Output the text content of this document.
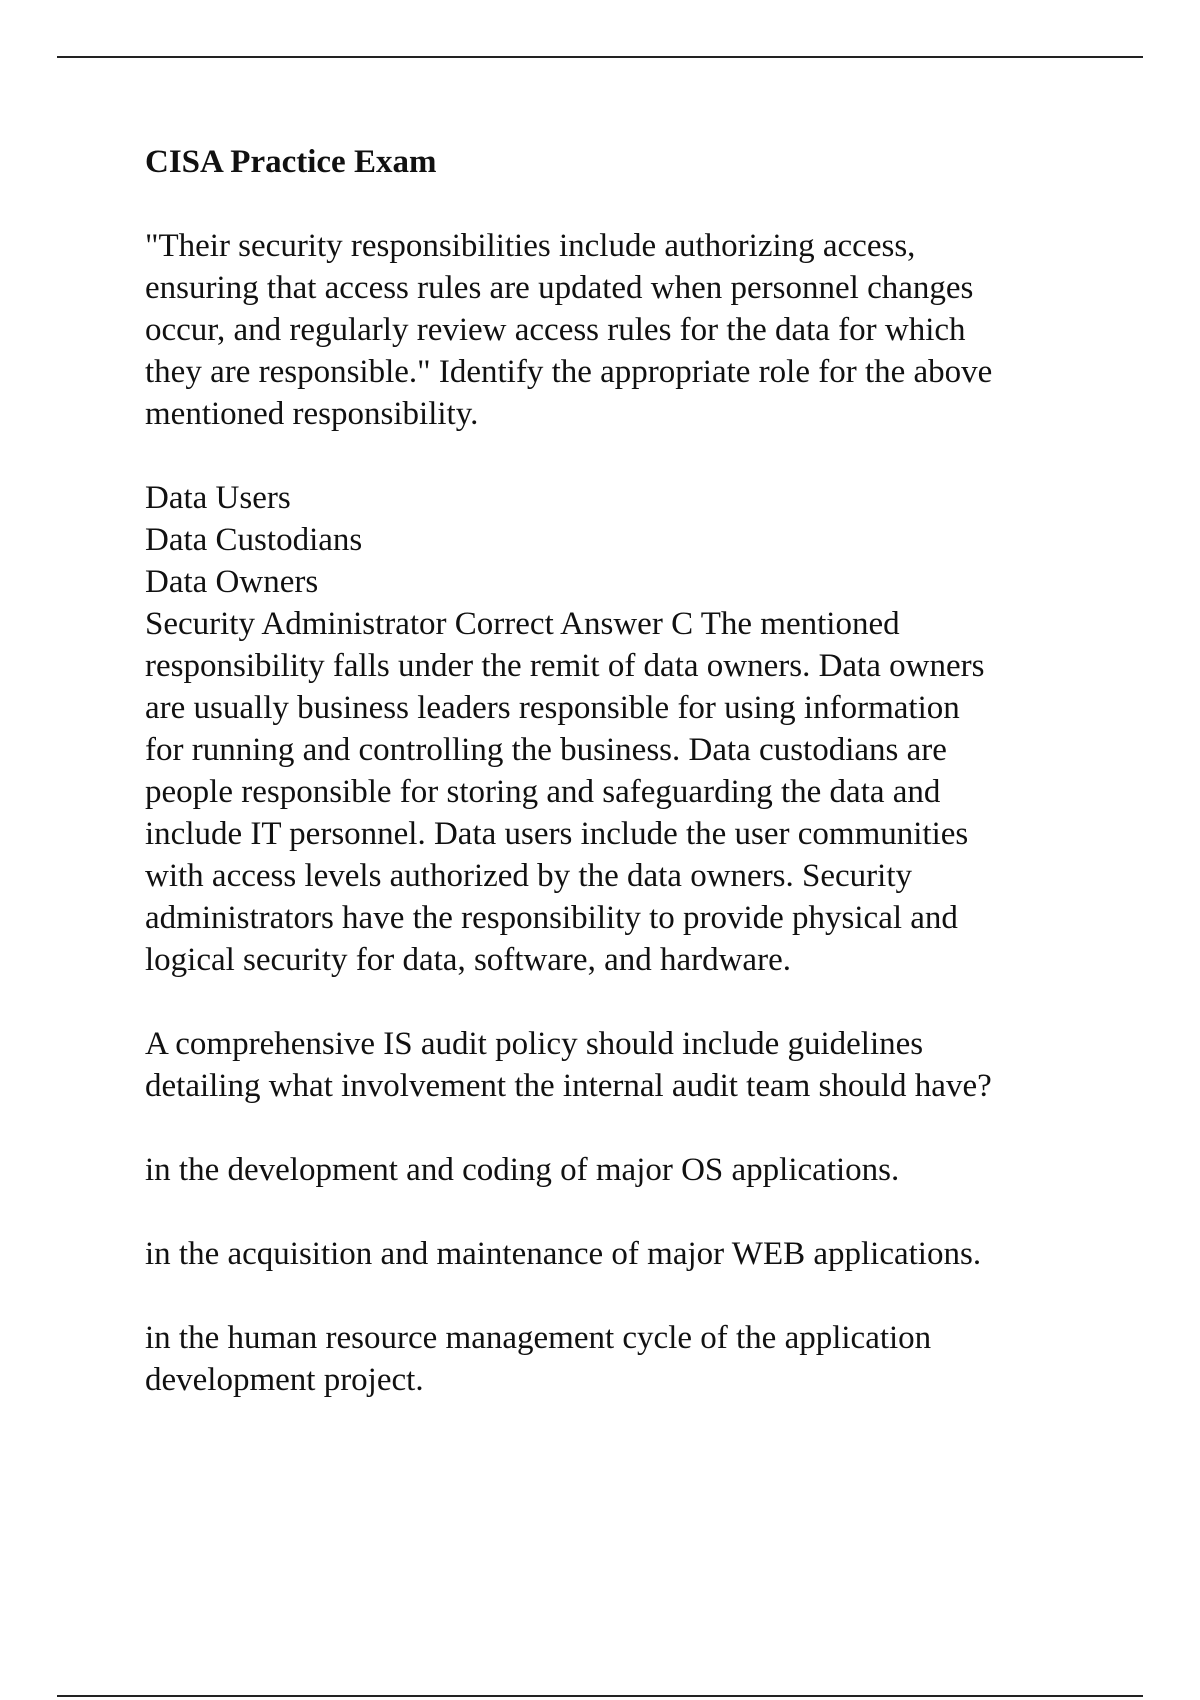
CISA Practice Exam
"Their security responsibilities include authorizing access,
ensuring that access rules are updated when personnel changes
occur, and regularly review access rules for the data for which
they are responsible." Identify the appropriate role for the above
mentioned responsibility.
Data Users
Data Custodians
Data Owners
Security Administrator Correct Answer C The mentioned
responsibility falls under the remit of data owners. Data owners
are usually business leaders responsible for using information
for running and controlling the business. Data custodians are
people responsible for storing and safeguarding the data and
include IT personnel. Data users include the user communities
with access levels authorized by the data owners. Security
administrators have the responsibility to provide physical and
logical security for data, software, and hardware.
A comprehensive IS audit policy should include guidelines
detailing what involvement the internal audit team should have?
in the development and coding of major OS applications.
in the acquisition and maintenance of major WEB applications.
in the human resource management cycle of the application
development project.
